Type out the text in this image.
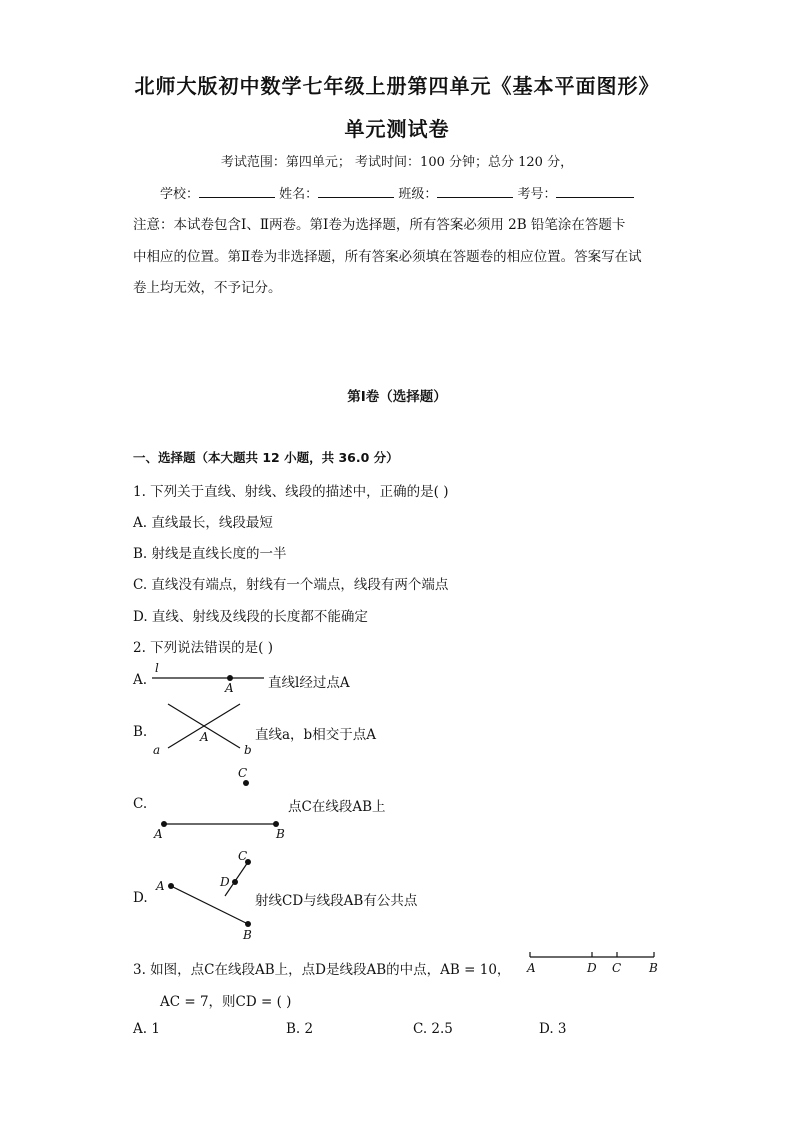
北师大版初中数学七年级上册第四单元《基本平面图形》
单元测试卷
考试范围：第四单元； 考试时间：100 分钟；总分 120 分，
学校：	姓名：	班级：	考号：
注意：本试卷包含Ⅰ、Ⅱ两卷。第Ⅰ卷为选择题，所有答案必须用 2B 铅笔涂在答题卡
中相应的位置。第Ⅱ卷为非选择题，所有答案必须填在答题卷的相应位置。答案写在试
卷上均无效，不予记分。
第Ⅰ卷（选择题）
一、选择题（本大题共 12 小题，共 36.0 分）
1. 下列关于直线、射线、线段的描述中，正确的是( )
A. 直线最长，线段最短
B. 射线是直线长度的一半
C. 直线没有端点，射线有一个端点，线段有两个端点
D. 直线、射线及线段的长度都不能确定
2. 下列说法错误的是( )
A.
l
A	直线l经过点A
B.
a
A
b
直线a，b相交于点A
C.
C
A	B
点C在线段AB上
D.
C
D
A
B
射线CD与线段AB有公共点
3. 如图，点C在线段AB上，点D是线段AB的中点，AB = 10， A	D C B
AC = 7，则CD = ( )
A. 1	B. 2	C. 2.5	D. 3
